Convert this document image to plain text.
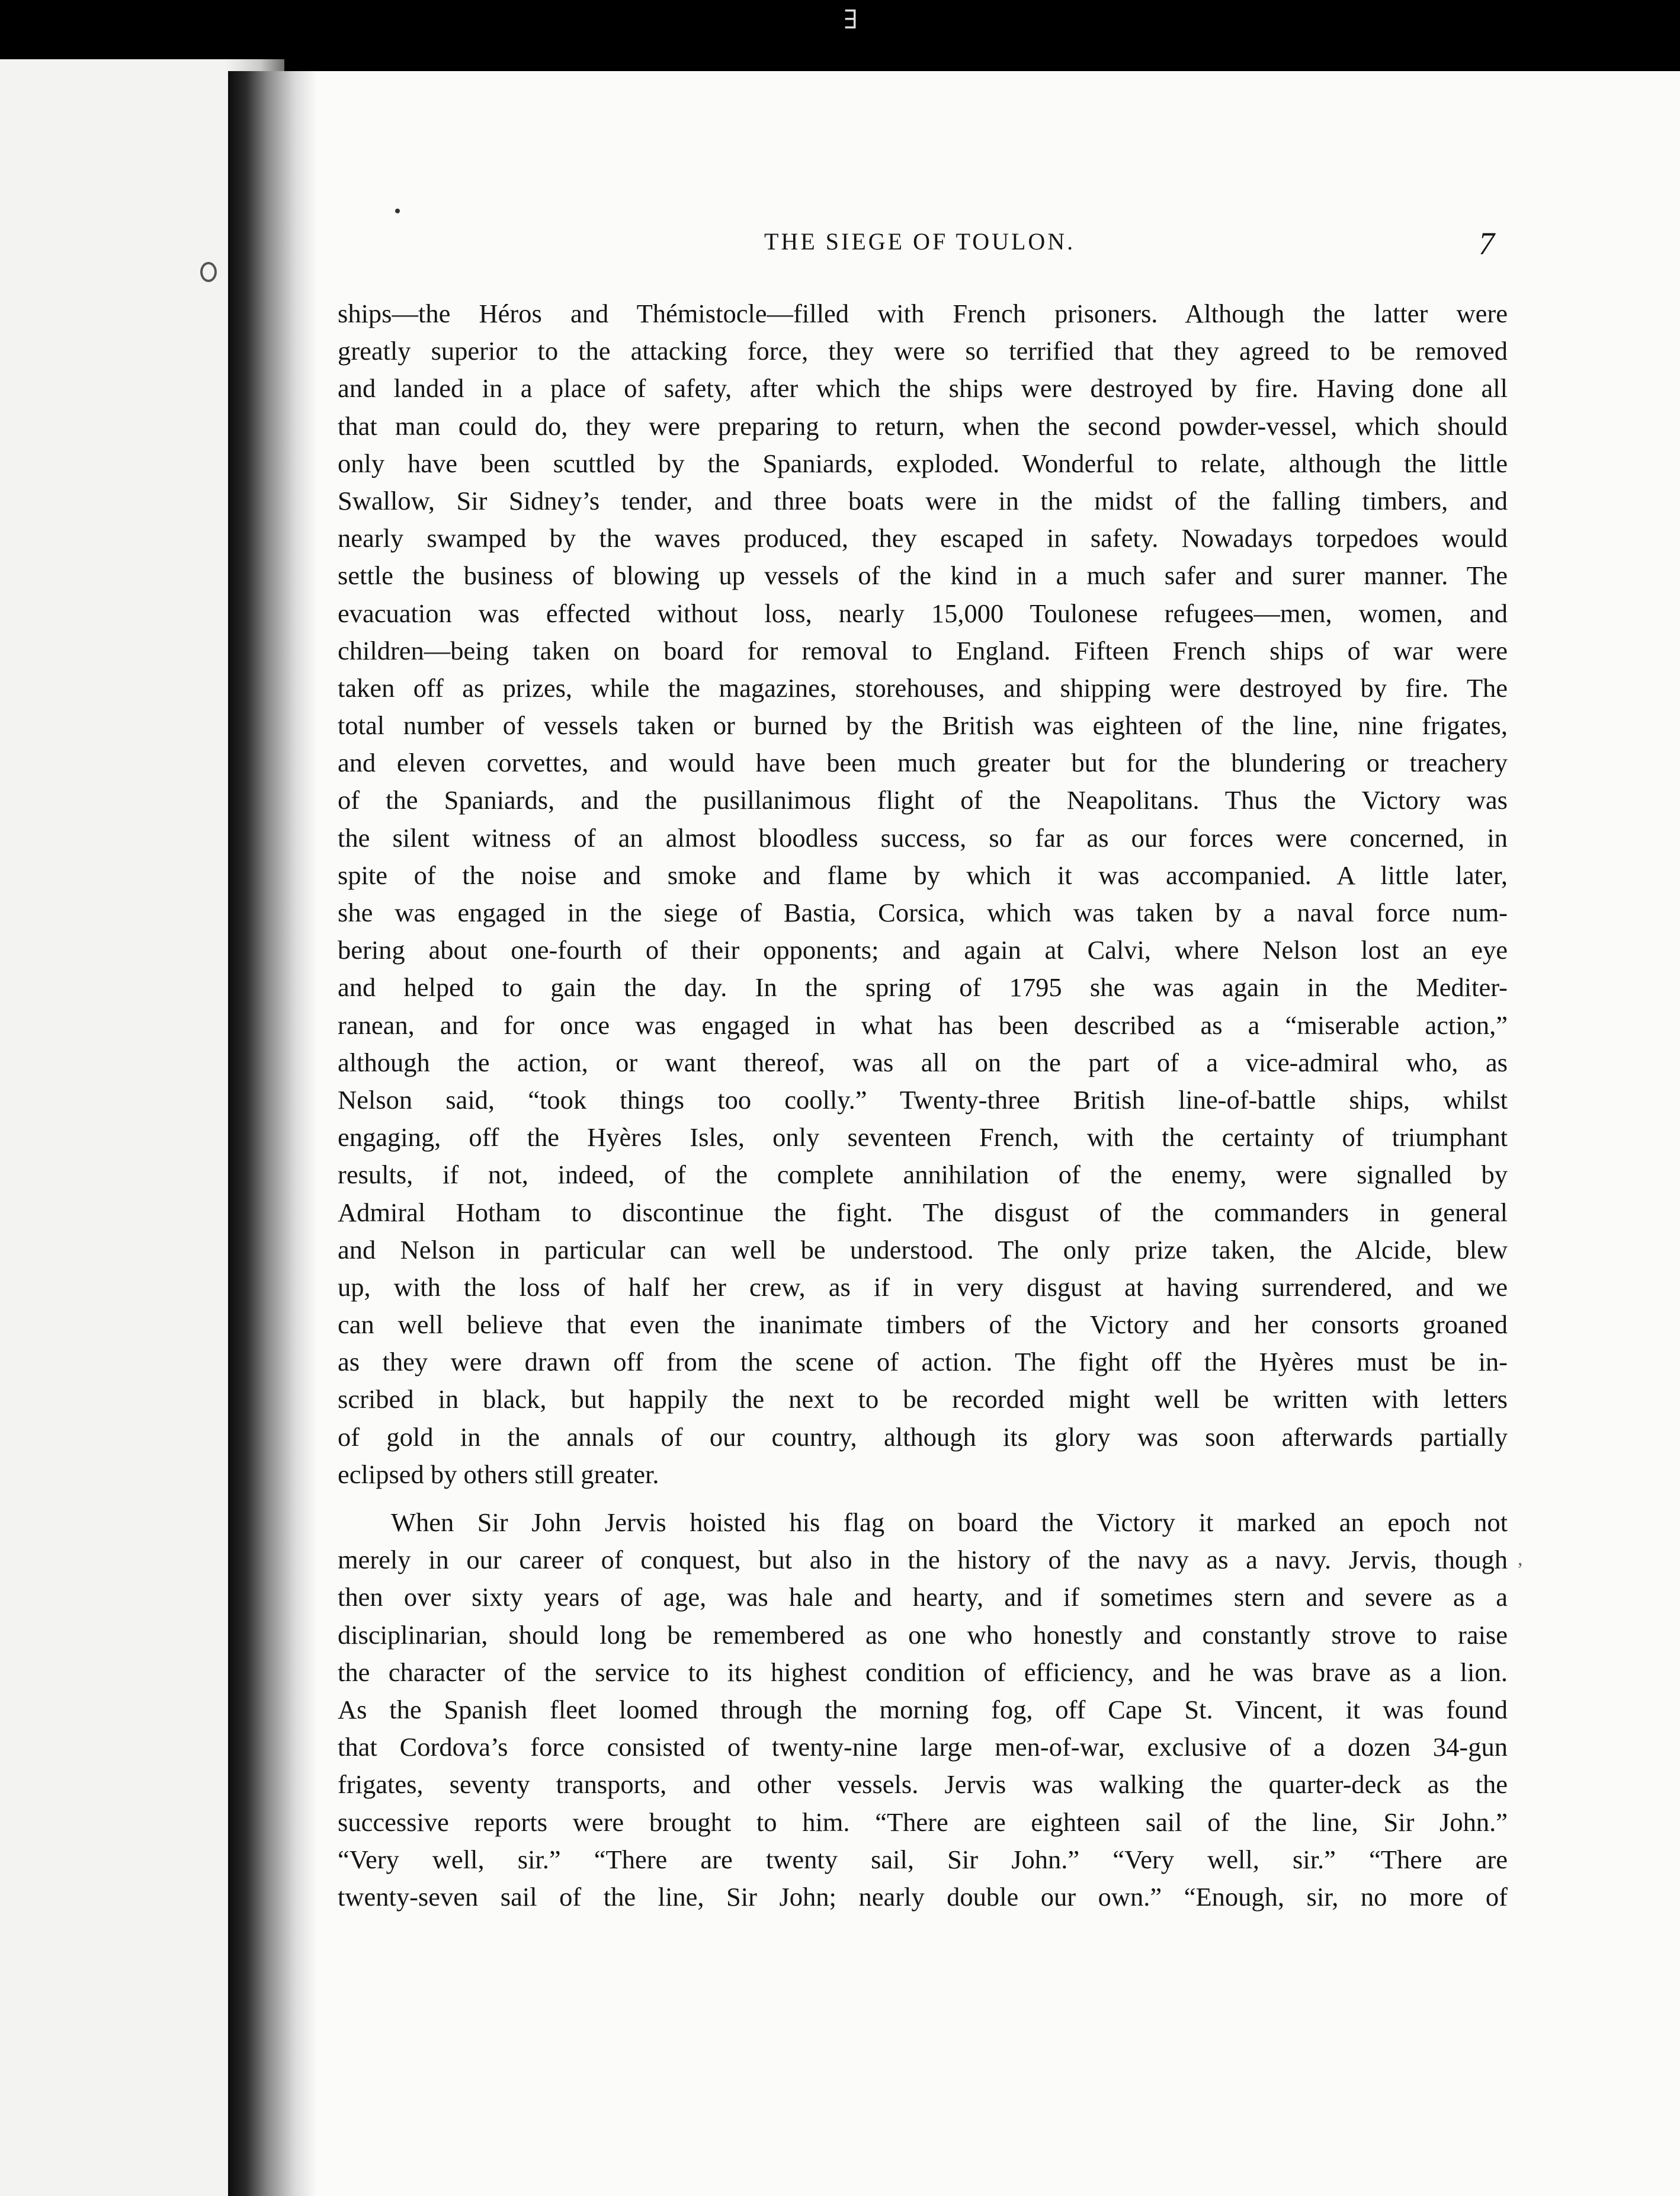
∃
THE SIEGE OF TOULON.	7
ships—the Héros and Thémistocle—filled with French prisoners. Although the latter were
greatly superior to the attacking force, they were so terrified that they agreed to be removed
and landed in a place of safety, after which the ships were destroyed by fire. Having done all
that man could do, they were preparing to return, when the second powder-vessel, which should
only have been scuttled by the Spaniards, exploded. Wonderful to relate, although the little
Swallow, Sir Sidney’s tender, and three boats were in the midst of the falling timbers, and
nearly swamped by the waves produced, they escaped in safety. Nowadays torpedoes would
settle the business of blowing up vessels of the kind in a much safer and surer manner. The
evacuation was effected without loss, nearly 15,000 Toulonese refugees—men, women, and
children—being taken on board for removal to England. Fifteen French ships of war were
taken off as prizes, while the magazines, storehouses, and shipping were destroyed by fire. The
total number of vessels taken or burned by the British was eighteen of the line, nine frigates,
and eleven corvettes, and would have been much greater but for the blundering or treachery
of the Spaniards, and the pusillanimous flight of the Neapolitans. Thus the Victory was
the silent witness of an almost bloodless success, so far as our forces were concerned, in
spite of the noise and smoke and flame by which it was accompanied. A little later,
she was engaged in the siege of Bastia, Corsica, which was taken by a naval force num-
bering about one-fourth of their opponents; and again at Calvi, where Nelson lost an eye
and helped to gain the day. In the spring of 1795 she was again in the Mediter-
ranean, and for once was engaged in what has been described as a “miserable action,”
although the action, or want thereof, was all on the part of a vice-admiral who, as
Nelson said, “took things too coolly.” Twenty-three British line-of-battle ships, whilst
engaging, off the Hyères Isles, only seventeen French, with the certainty of triumphant
results, if not, indeed, of the complete annihilation of the enemy, were signalled by
Admiral Hotham to discontinue the fight. The disgust of the commanders in general
and Nelson in particular can well be understood. The only prize taken, the Alcide, blew
up, with the loss of half her crew, as if in very disgust at having surrendered, and we
can well believe that even the inanimate timbers of the Victory and her consorts groaned
as they were drawn off from the scene of action. The fight off the Hyères must be in-
scribed in black, but happily the next to be recorded might well be written with letters
of gold in the annals of our country, although its glory was soon afterwards partially
eclipsed by others still greater.
When Sir John Jervis hoisted his flag on board the Victory it marked an epoch not
merely in our career of conquest, but also in the history of the navy as a navy. Jervis, though
then over sixty years of age, was hale and hearty, and if sometimes stern and severe as a
disciplinarian, should long be remembered as one who honestly and constantly strove to raise
the character of the service to its highest condition of efficiency, and he was brave as a lion.
As the Spanish fleet loomed through the morning fog, off Cape St. Vincent, it was found
that Cordova’s force consisted of twenty-nine large men-of-war, exclusive of a dozen 34-gun
frigates, seventy transports, and other vessels. Jervis was walking the quarter-deck as the
successive reports were brought to him. “There are eighteen sail of the line, Sir John.”
“Very well, sir.” “There are twenty sail, Sir John.” “Very well, sir.” “There are
twenty-seven sail of the line, Sir John; nearly double our own.” “Enough, sir, no more of
,
